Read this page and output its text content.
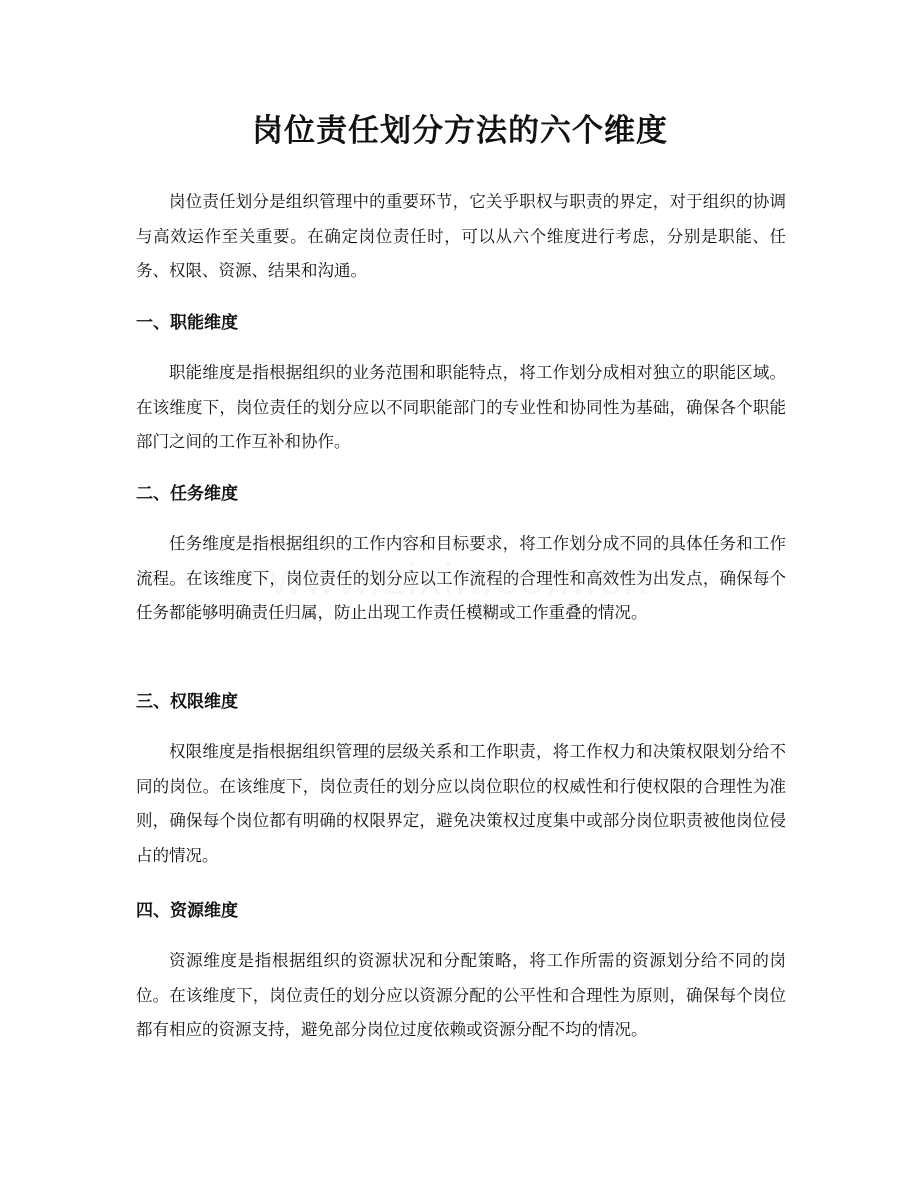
岗位责任划分方法的六个维度

岗位责任划分是组织管理中的重要环节，它关乎职权与职责的界定，对于组织的协调与高效运作至关重要。在确定岗位责任时，可以从六个维度进行考虑，分别是职能、任务、权限、资源、结果和沟通。

一、职能维度

职能维度是指根据组织的业务范围和职能特点，将工作划分成相对独立的职能区域。在该维度下，岗位责任的划分应以不同职能部门的专业性和协同性为基础，确保各个职能部门之间的工作互补和协作。

二、任务维度

任务维度是指根据组织的工作内容和目标要求，将工作划分成不同的具体任务和工作流程。在该维度下，岗位责任的划分应以工作流程的合理性和高效性为出发点，确保每个任务都能够明确责任归属，防止出现工作责任模糊或工作重叠的情况。

三、权限维度

权限维度是指根据组织管理的层级关系和工作职责，将工作权力和决策权限划分给不同的岗位。在该维度下，岗位责任的划分应以岗位职位的权威性和行使权限的合理性为准则，确保每个岗位都有明确的权限界定，避免决策权过度集中或部分岗位职责被他岗位侵占的情况。

四、资源维度

资源维度是指根据组织的资源状况和分配策略，将工作所需的资源划分给不同的岗位。在该维度下，岗位责任的划分应以资源分配的公平性和合理性为原则，确保每个岗位都有相应的资源支持，避免部分岗位过度依赖或资源分配不均的情况。
